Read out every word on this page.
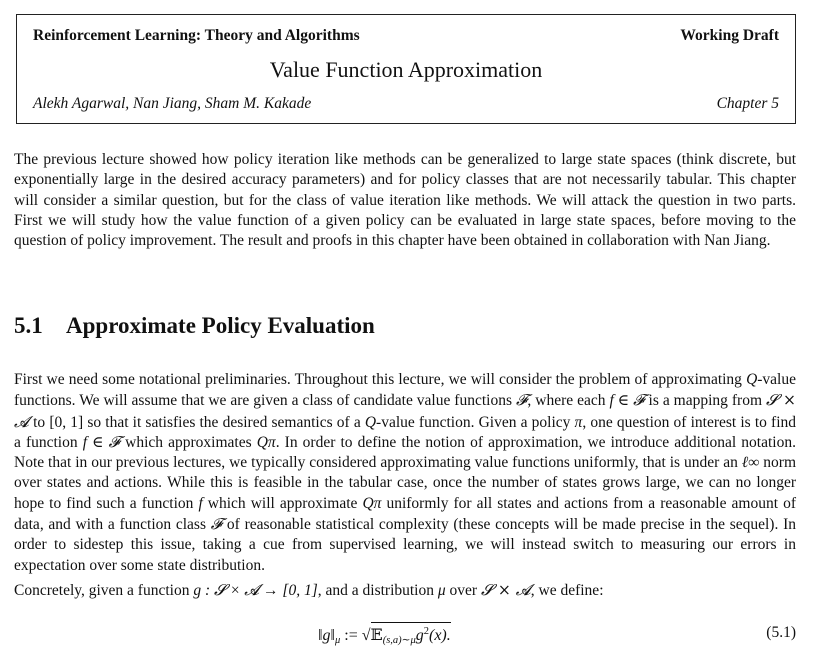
Reinforcement Learning: Theory and Algorithms	Working Draft
Value Function Approximation
Alekh Agarwal, Nan Jiang, Sham M. Kakade	Chapter 5
The previous lecture showed how policy iteration like methods can be generalized to large state spaces (think discrete, but exponentially large in the desired accuracy parameters) and for policy classes that are not necessarily tabular. This chapter will consider a similar question, but for the class of value iteration like methods. We will attack the question in two parts. First we will study how the value function of a given policy can be evaluated in large state spaces, before moving to the question of policy improvement. The result and proofs in this chapter have been obtained in collaboration with Nan Jiang.
5.1 Approximate Policy Evaluation
First we need some notational preliminaries. Throughout this lecture, we will consider the problem of approximating Q-value functions. We will assume that we are given a class of candidate value functions 𝓕, where each f ∈ 𝓕 is a mapping from 𝓢 × 𝓐 to [0, 1] so that it satisfies the desired semantics of a Q-value function. Given a policy π, one question of interest is to find a function f ∈ 𝓕 which approximates Qπ. In order to define the notion of approximation, we introduce additional notation. Note that in our previous lectures, we typically considered approximating value functions uniformly, that is under an ℓ∞ norm over states and actions. While this is feasible in the tabular case, once the number of states grows large, we can no longer hope to find such a function f which will approximate Qπ uniformly for all states and actions from a reasonable amount of data, and with a function class 𝓕 of reasonable statistical complexity (these concepts will be made precise in the sequel). In order to sidestep this issue, taking a cue from supervised learning, we will instead switch to measuring our errors in expectation over some state distribution.
Concretely, given a function g : 𝓢 × 𝓐 → [0, 1], and a distribution μ over 𝓢 × 𝓐, we define:
$‖g‖_\mu$ := $√𝔼_{(s,a)\sim\mu}g^2(x)$.	(5.1)
